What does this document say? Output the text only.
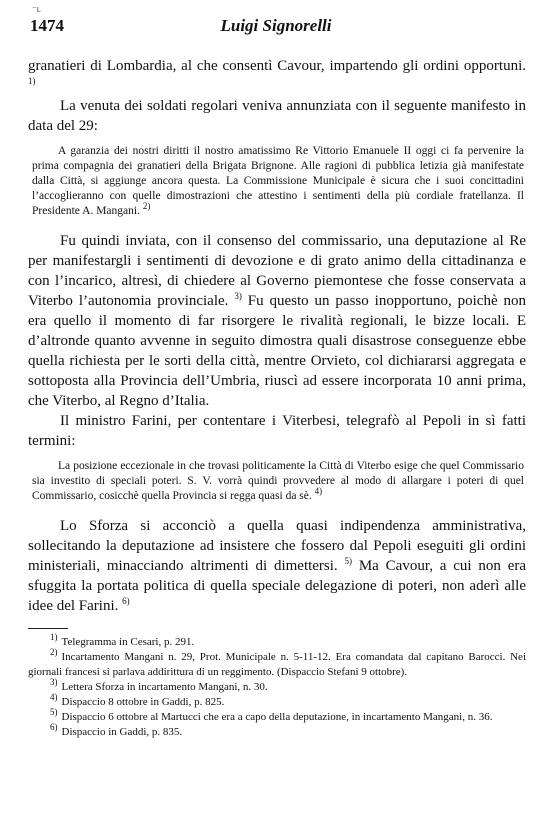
⁻ʟ
1474	Luigi Signorelli

granatieri di Lombardia, al che consentì Cavour, impartendo gli ordini opportuni. $^{1)}$

La venuta dei soldati regolari veniva annunziata con il seguente manifesto in data del 29:

A garanzia dei nostri diritti il nostro amatissimo Re Vittorio Emanuele II oggi ci fa pervenire la prima compagnia dei granatieri della Brigata Brignone. Alle ragioni di pubblica letizia già manifestate dalla Città, si aggiunge ancora questa. La Commissione Municipale è sicura che i suoi concittadini l’accoglieranno con quelle dimostrazioni che attestino i sentimenti della più cordiale fratellanza. Il Presidente A. Mangani. $^{2)}$

Fu quindi inviata, con il consenso del commissario, una deputazione al Re per manifestargli i sentimenti di devozione e di grato animo della cittadinanza e con l’incarico, altresì, di chiedere al Governo piemontese che fosse conservata a Viterbo l’autonomia provinciale. $^{3)}$ Fu questo un passo inopportuno, poichè non era quello il momento di far risorgere le rivalità regionali, le bizze locali. E d’altronde quanto avvenne in seguito dimostra quali disastrose conseguenze ebbe quella richiesta per le sorti della città, mentre Orvieto, col dichiararsi aggregata e sottoposta alla Provincia dell’Umbria, riuscì ad essere incorporata 10 anni prima, che Viterbo, al Regno d’Italia.

Il ministro Farini, per contentare i Viterbesi, telegrafò al Pepoli in sì fatti termini:

La posizione eccezionale in che trovasi politicamente la Città di Viterbo esige che quel Commissario sia investito di speciali poteri. S. V. vorrà quindi provvedere al modo di allargare i poteri di quel Commissario, cosicchè quella Provincia si regga quasi da sè. $^{4)}$

Lo Sforza si acconciò a quella quasi indipendenza amministrativa, sollecitando la deputazione ad insistere che fossero dal Pepoli eseguiti gli ordini ministeriali, minacciando altrimenti di dimettersi. $^{5)}$ Ma Cavour, a cui non era sfuggita la portata politica di quella speciale delegazione di poteri, non aderì alle idee del Farini. $^{6)}$

$^{1)}$ Telegramma in Cesari, p. 291.

$^{2)}$ Incartamento Mangani n. 29, Prot. Municipale n. 5-11-12. Era comandata dal capitano Barocci. Nei giornali francesi si parlava addirittura di un reggimento. (Dispaccio Stefani 9 ottobre).

$^{3)}$ Lettera Sforza in incartamento Mangani, n. 30.

$^{4)}$ Dispaccio 8 ottobre in Gaddi, p. 825.

$^{5)}$ Dispaccio 6 ottobre al Martucci che era a capo della deputazione, in incartamento Mangani, n. 36.

$^{6)}$ Dispaccio in Gaddi, p. 835.
